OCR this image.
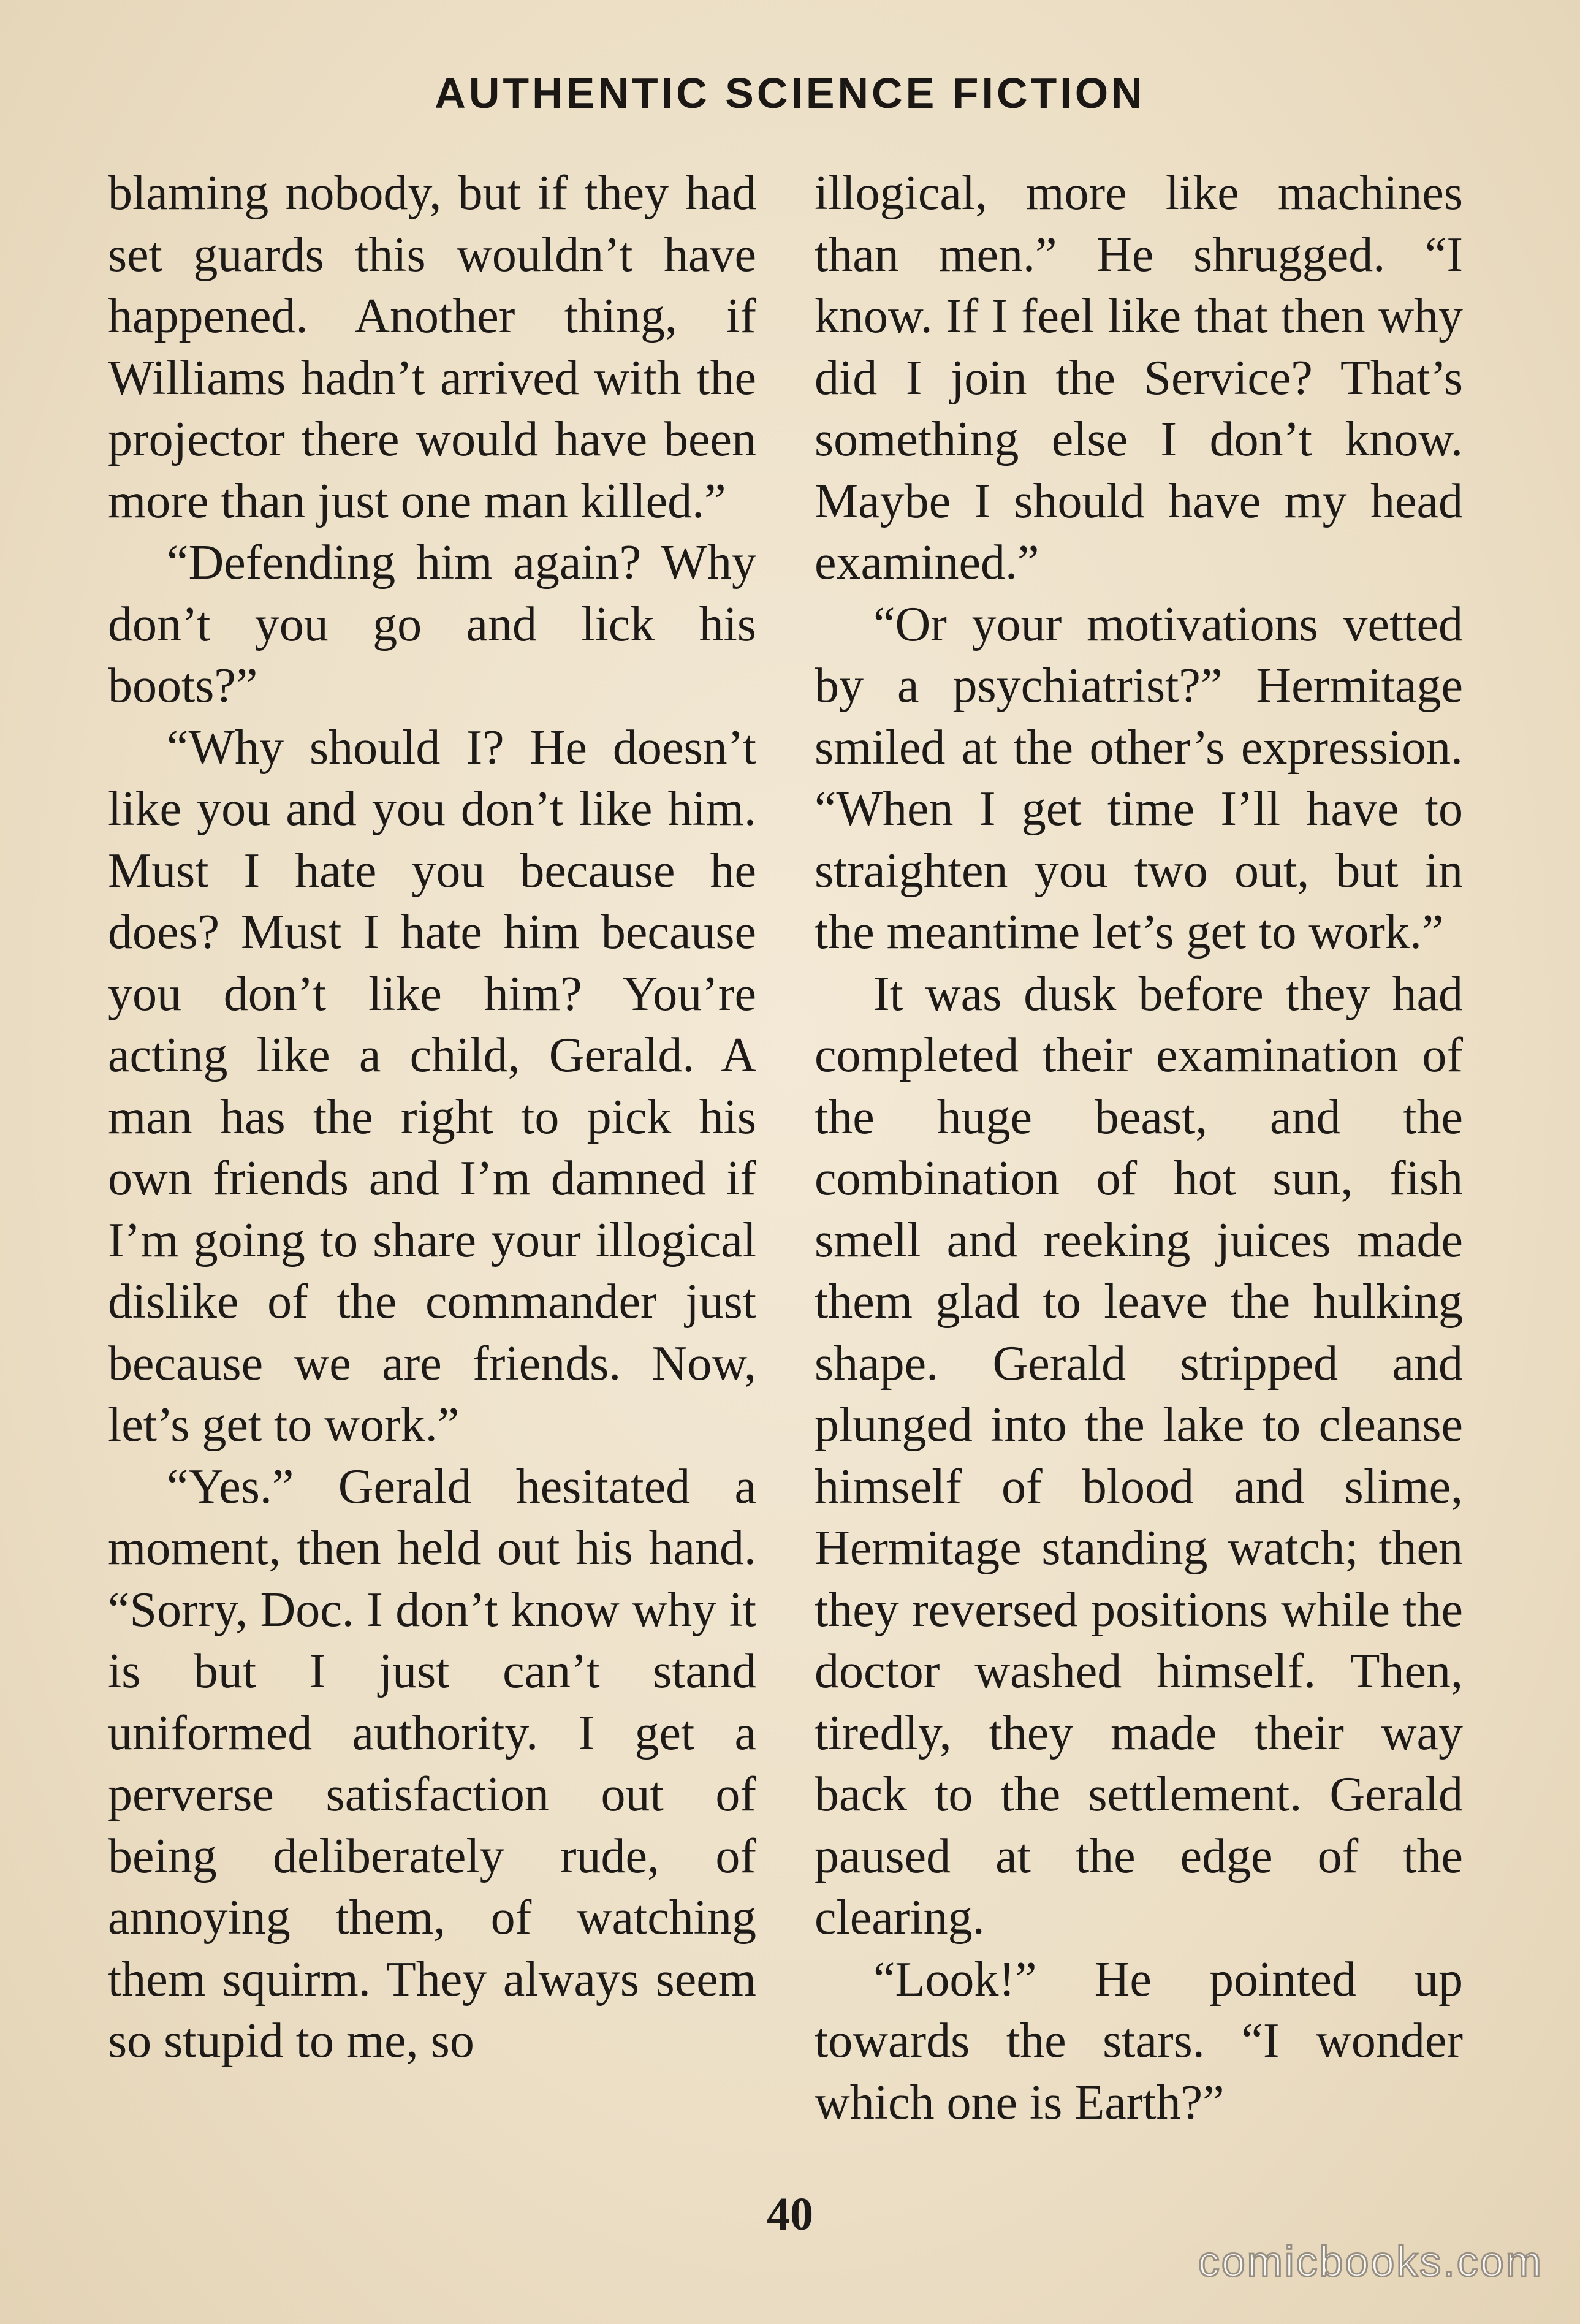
AUTHENTIC SCIENCE FICTION

blaming nobody, but if they had set guards this wouldn’t have happened. Another thing, if Williams hadn’t arrived with the projector there would have been more than just one man killed.”

“Defending him again? Why don’t you go and lick his boots?”

“Why should I? He doesn’t like you and you don’t like him. Must I hate you because he does? Must I hate him because you don’t like him? You’re acting like a child, Gerald. A man has the right to pick his own friends and I’m damned if I’m going to share your illogical dislike of the commander just because we are friends. Now, let’s get to work.”

“Yes.” Gerald hesitated a moment, then held out his hand. “Sorry, Doc. I don’t know why it is but I just can’t stand uniformed authority. I get a perverse satisfaction out of being deliberately rude, of annoying them, of watching them squirm. They always seem so stupid to me, so

illogical, more like machines than men.” He shrugged. “I know. If I feel like that then why did I join the Service? That’s something else I don’t know. Maybe I should have my head examined.”

“Or your motivations vetted by a psychiatrist?” Hermitage smiled at the other’s expression. “When I get time I’ll have to straighten you two out, but in the meantime let’s get to work.”

It was dusk before they had completed their examination of the huge beast, and the combination of hot sun, fish smell and reeking juices made them glad to leave the hulking shape. Gerald stripped and plunged into the lake to cleanse himself of blood and slime, Hermitage standing watch; then they reversed positions while the doctor washed himself. Then, tiredly, they made their way back to the settlement. Gerald paused at the edge of the clearing.

“Look!” He pointed up towards the stars. “I wonder which one is Earth?”

40
comicbooks.com
